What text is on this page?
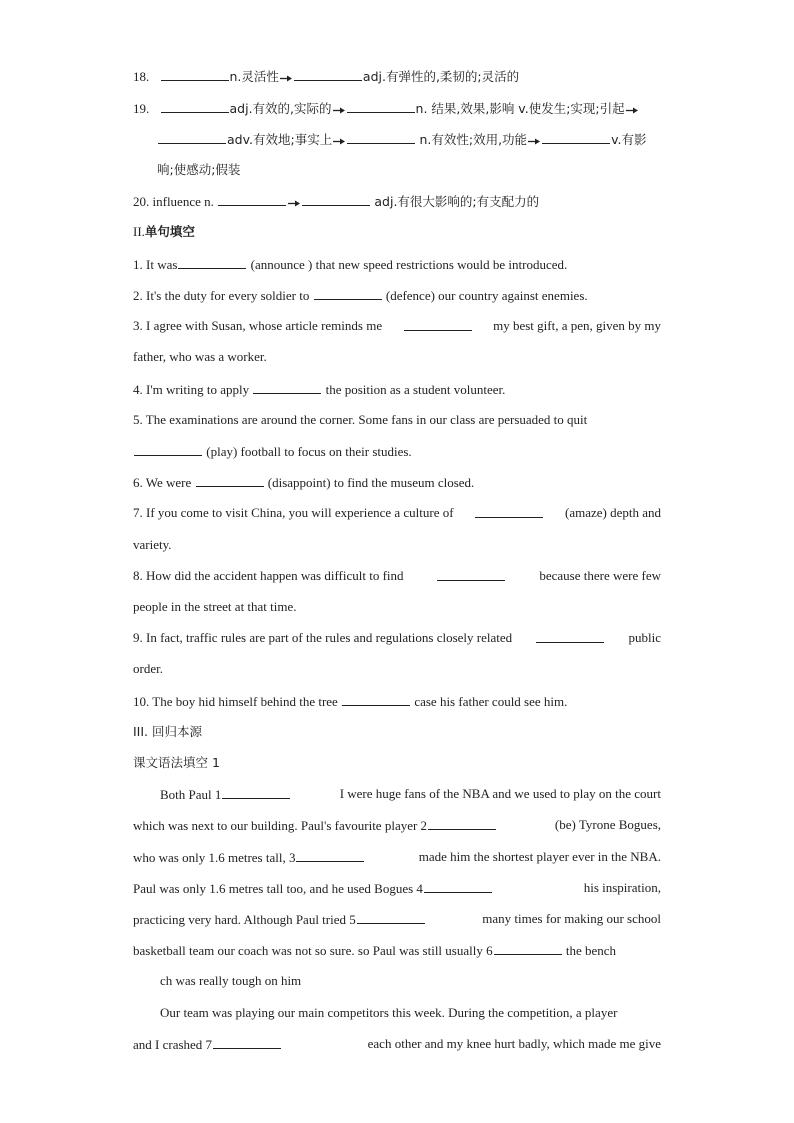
18.	n.灵活性	adj.有弹性的,柔韧的;灵活的
19.	adj.有效的,实际的	n. 结果,效果,影响 v.使发生;实现;引起
adv.有效地;事实上	n.有效性;效用,功能	v.有影
响;使感动;假装
20. influence n.	adj.有很大影响的;有支配力的
II.单句填空
1. It was	(announce ) that new speed restrictions would be introduced.
2. It's the duty for every soldier to	(defence) our country against enemies.
3. I agree with Susan, whose article reminds me	my best gift, a pen, given by my
father, who was a worker.
4. I'm writing to apply	the position as a student volunteer.
5. The examinations are around the corner. Some fans in our class are persuaded to quit
(play) football to focus on their studies.
6. We were	(disappoint) to find the museum closed.
7. If you come to visit China, you will experience a culture of	(amaze) depth and
variety.
8. How did the accident happen was difficult to find	because there were few
people in the street at that time.
9. In fact, traffic rules are part of the rules and regulations closely related	public
order.
10. The boy hid himself behind the tree	case his father could see him.
III. 回归本源
课文语法填空 1
Both Paul 1	I were huge fans of the NBA and we used to play on the court
which was next to our building. Paul's favourite player 2	(be) Tyrone Bogues,
who was only 1.6 metres tall, 3	made him the shortest player ever in the NBA.
Paul was only 1.6 metres tall too, and he used Bogues 4	his inspiration,
practicing very hard. Although Paul tried 5	many times for making our school
basketball team our coach was not so sure. so Paul was still usually 6	the bench
ch was really tough on him
Our team was playing our main competitors this week. During the competition, a player
and I crashed 7	each other and my knee hurt badly, which made me give
